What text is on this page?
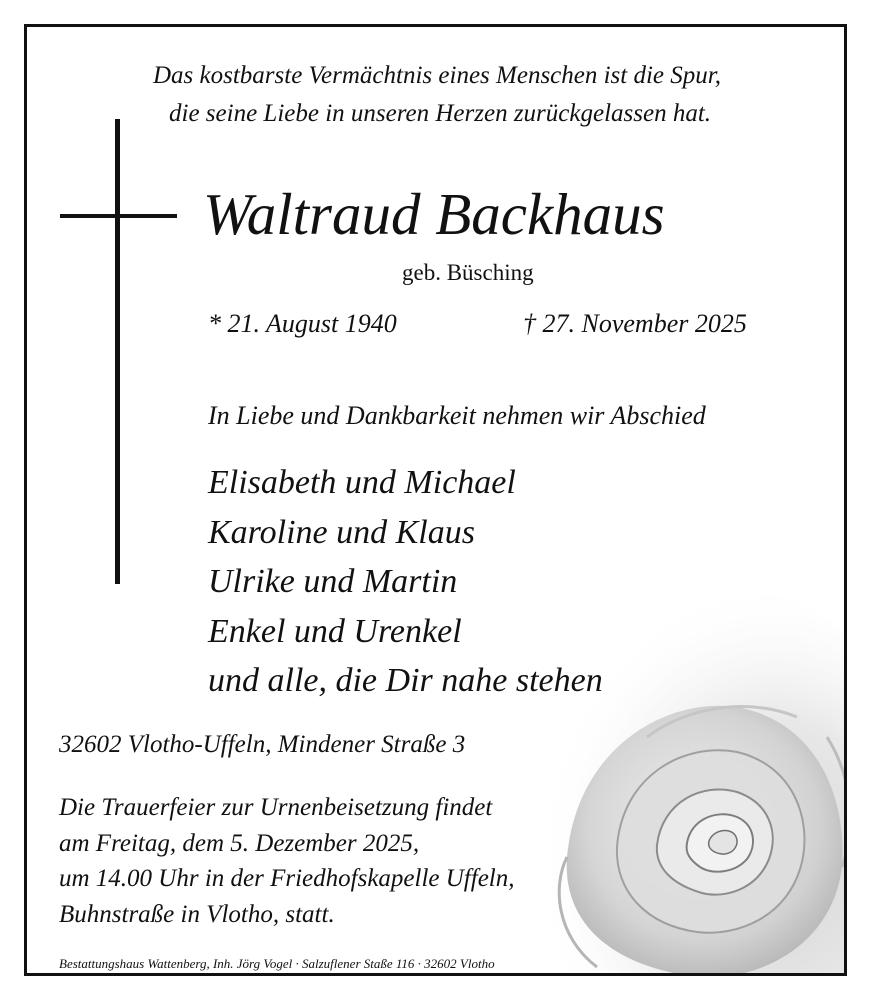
Das kostbarste Vermächtnis eines Menschen ist die Spur,
die seine Liebe in unseren Herzen zurückgelassen hat.
Waltraud Backhaus
geb. Büsching
* 21. August 1940	† 27. November 2025
In Liebe und Dankbarkeit nehmen wir Abschied
Elisabeth und Michael
Karoline und Klaus
Ulrike und Martin
Enkel und Urenkel
und alle, die Dir nahe stehen
32602 Vlotho-Uffeln, Mindener Straße 3
Die Trauerfeier zur Urnenbeisetzung findet
am Freitag, dem 5. Dezember 2025,
um 14.00 Uhr in der Friedhofskapelle Uffeln,
Buhnstraße in Vlotho, statt.
Bestattungshaus Wattenberg, Inh. Jörg Vogel · Salzuflener Staße 116 · 32602 Vlotho
